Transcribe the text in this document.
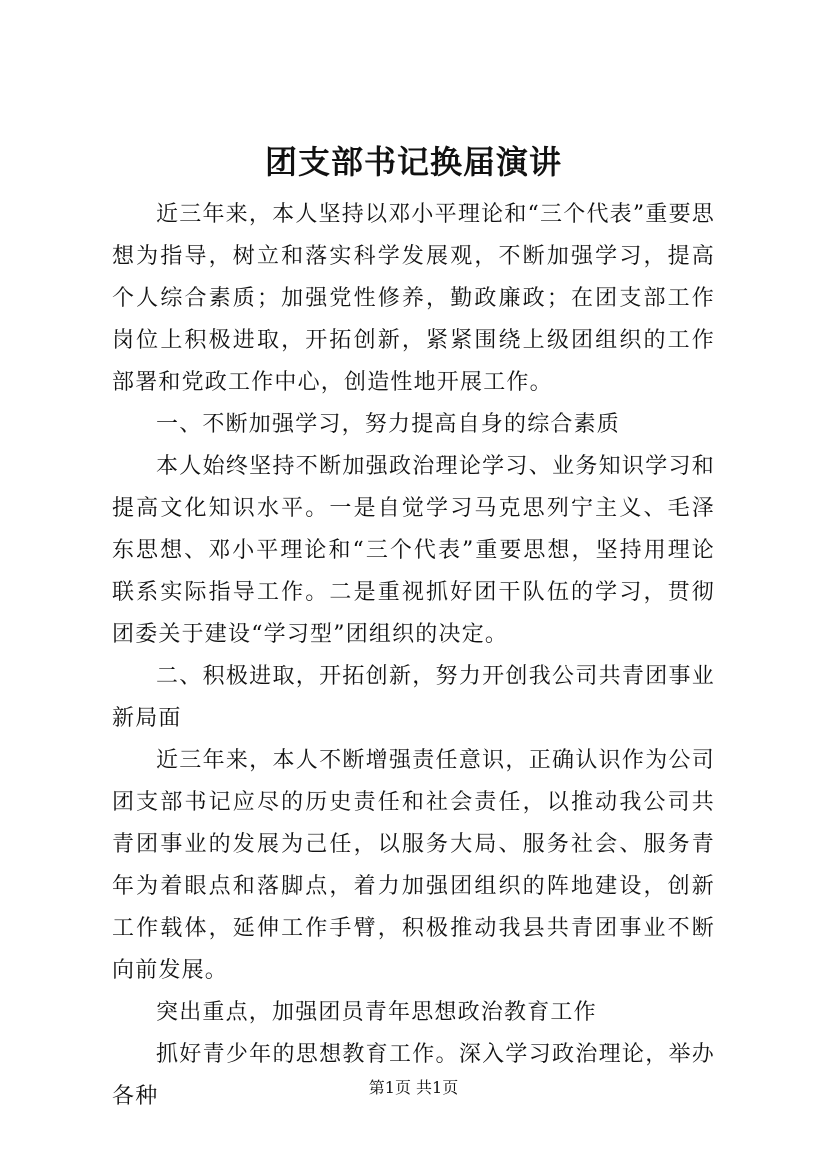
团支部书记换届演讲

近三年来，本人坚持以邓小平理论和“三个代表”重要思想为指导，树立和落实科学发展观，不断加强学习，提高个人综合素质；加强党性修养，勤政廉政；在团支部工作岗位上积极进取，开拓创新，紧紧围绕上级团组织的工作部署和党政工作中心，创造性地开展工作。

一、不断加强学习，努力提高自身的综合素质

本人始终坚持不断加强政治理论学习、业务知识学习和提高文化知识水平。一是自觉学习马克思列宁主义、毛泽东思想、邓小平理论和“三个代表”重要思想，坚持用理论联系实际指导工作。二是重视抓好团干队伍的学习，贯彻团委关于建设“学习型”团组织的决定。

二、积极进取，开拓创新，努力开创我公司共青团事业新局面

近三年来，本人不断增强责任意识，正确认识作为公司团支部书记应尽的历史责任和社会责任，以推动我公司共青团事业的发展为己任，以服务大局、服务社会、服务青年为着眼点和落脚点，着力加强团组织的阵地建设，创新工作载体，延伸工作手臂，积极推动我县共青团事业不断向前发展。

突出重点，加强团员青年思想政治教育工作

抓好青少年的思想教育工作。深入学习政治理论，举办各种	第1页 共1页
